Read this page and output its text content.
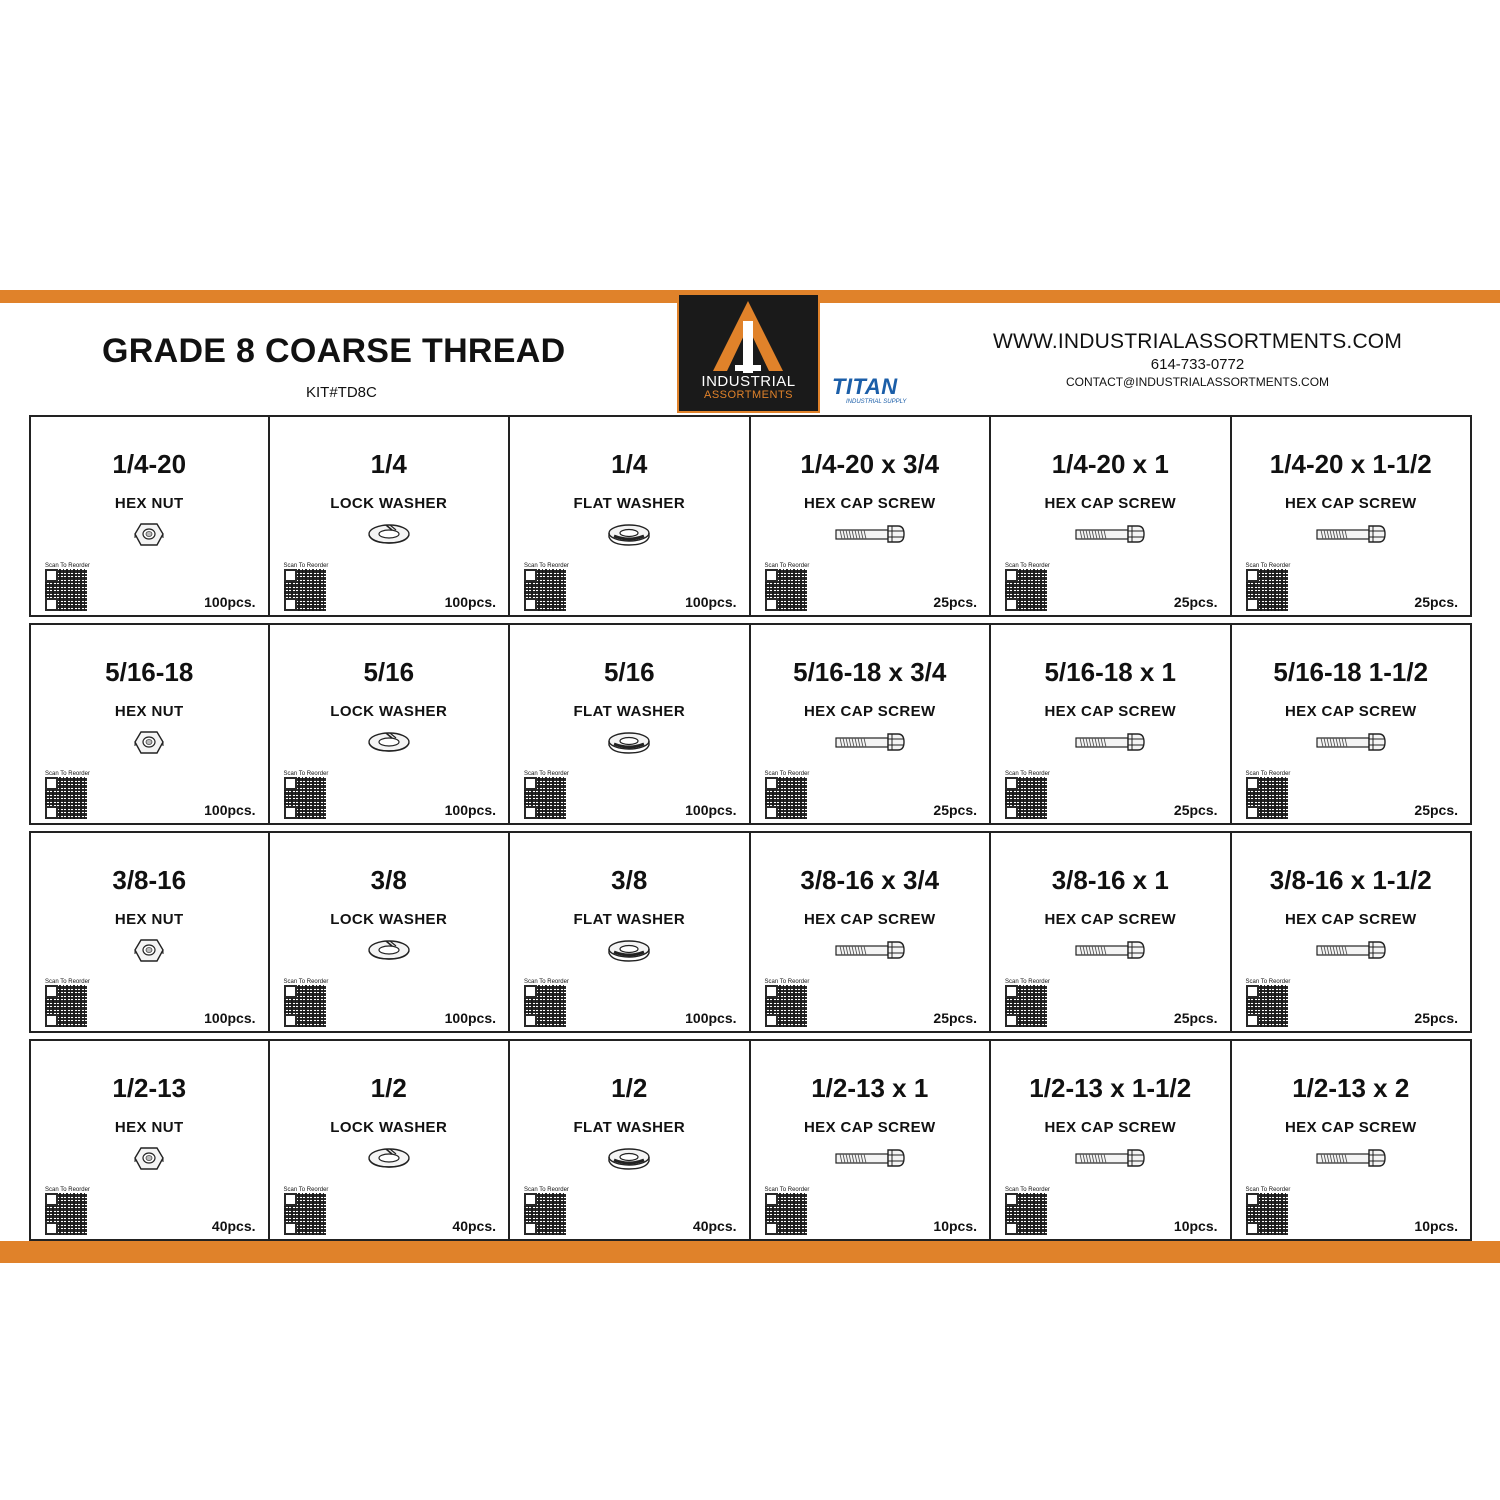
GRADE 8 COARSE THREAD
KIT#TD8C
INDUSTRIAL
ASSORTMENTS	TITAN
INDUSTRIAL SUPPLY
WWW.INDUSTRIALASSORTMENTS.COM
614-733-0772
CONTACT@INDUSTRIALASSORTMENTS.COM
1/4-20
HEX NUT
Scan To Reorder
100pcs.
1/4
LOCK WASHER
Scan To Reorder
100pcs.
1/4
FLAT WASHER
Scan To Reorder
100pcs.
1/4-20 x 3/4
HEX CAP SCREW
Scan To Reorder
25pcs.
1/4-20 x 1
HEX CAP SCREW
Scan To Reorder
25pcs.
1/4-20 x 1-1/2
HEX CAP SCREW
Scan To Reorder
25pcs.
5/16-18
HEX NUT
Scan To Reorder
100pcs.
5/16
LOCK WASHER
Scan To Reorder
100pcs.
5/16
FLAT WASHER
Scan To Reorder
100pcs.
5/16-18 x 3/4
HEX CAP SCREW
Scan To Reorder
25pcs.
5/16-18 x 1
HEX CAP SCREW
Scan To Reorder
25pcs.
5/16-18 1-1/2
HEX CAP SCREW
Scan To Reorder
25pcs.
3/8-16
HEX NUT
Scan To Reorder
100pcs.
3/8
LOCK WASHER
Scan To Reorder
100pcs.
3/8
FLAT WASHER
Scan To Reorder
100pcs.
3/8-16 x 3/4
HEX CAP SCREW
Scan To Reorder
25pcs.
3/8-16 x 1
HEX CAP SCREW
Scan To Reorder
25pcs.
3/8-16 x 1-1/2
HEX CAP SCREW
Scan To Reorder
25pcs.
1/2-13
HEX NUT
Scan To Reorder
40pcs.
1/2
LOCK WASHER
Scan To Reorder
40pcs.
1/2
FLAT WASHER
Scan To Reorder
40pcs.
1/2-13 x 1
HEX CAP SCREW
Scan To Reorder
10pcs.
1/2-13 x 1-1/2
HEX CAP SCREW
Scan To Reorder
10pcs.
1/2-13 x 2
HEX CAP SCREW
Scan To Reorder
10pcs.
